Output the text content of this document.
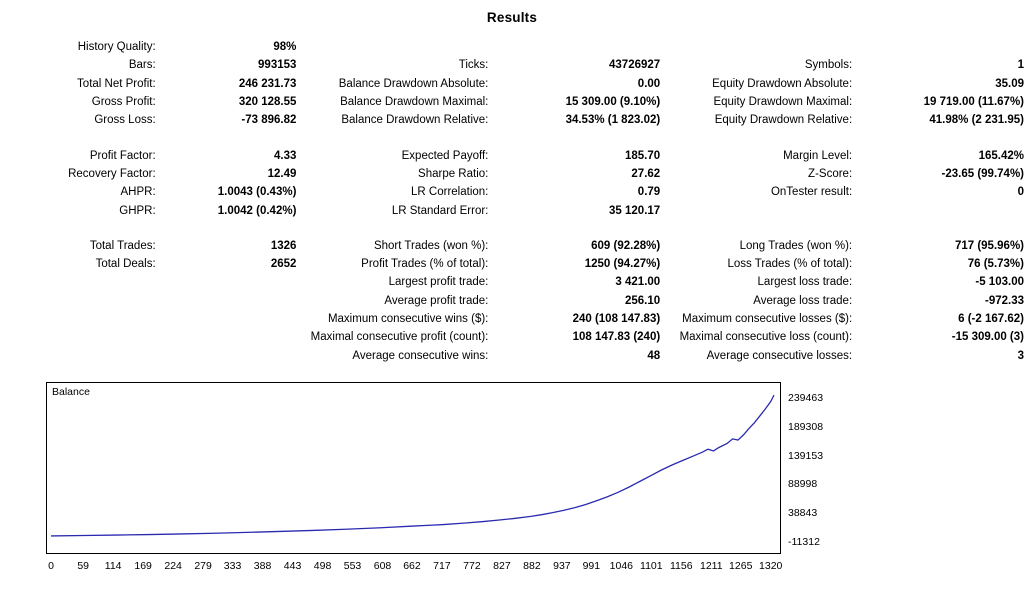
Results
History Quality:	98%				
Bars:	993153	Ticks:	43726927	Symbols:	1
Total Net Profit:	246 231.73	Balance Drawdown Absolute:	0.00	Equity Drawdown Absolute:	35.09
Gross Profit:	320 128.55	Balance Drawdown Maximal:	15 309.00 (9.10%)	Equity Drawdown Maximal:	19 719.00 (11.67%)
Gross Loss:	-73 896.82	Balance Drawdown Relative:	34.53% (1 823.02)	Equity Drawdown Relative:	41.98% (2 231.95)

Profit Factor:	4.33	Expected Payoff:	185.70	Margin Level:	165.42%
Recovery Factor:	12.49	Sharpe Ratio:	27.62	Z-Score:	-23.65 (99.74%)
AHPR:	1.0043 (0.43%)	LR Correlation:	0.79	OnTester result:	0
GHPR:	1.0042 (0.42%)	LR Standard Error:	35 120.17		

Total Trades:	1326	Short Trades (won %):	609 (92.28%)	Long Trades (won %):	717 (95.96%)
Total Deals:	2652	Profit Trades (% of total):	1250 (94.27%)	Loss Trades (% of total):	76 (5.73%)
		Largest profit trade:	3 421.00	Largest loss trade:	-5 103.00
		Average profit trade:	256.10	Average loss trade:	-972.33
		Maximum consecutive wins ($):	240 (108 147.83)	Maximum consecutive losses ($):	6 (-2 167.62)
		Maximal consecutive profit (count):	108 147.83 (240)	Maximal consecutive loss (count):	-15 309.00 (3)
		Average consecutive wins:	48	Average consecutive losses:	3
Balance	239463
189308
139153
88998
38843
-11312
0 59 114 169 224 279 333 388 443 498 553 608 662 717 772 827 882 937 991 1046 1101 1156 1211 1265 1320
